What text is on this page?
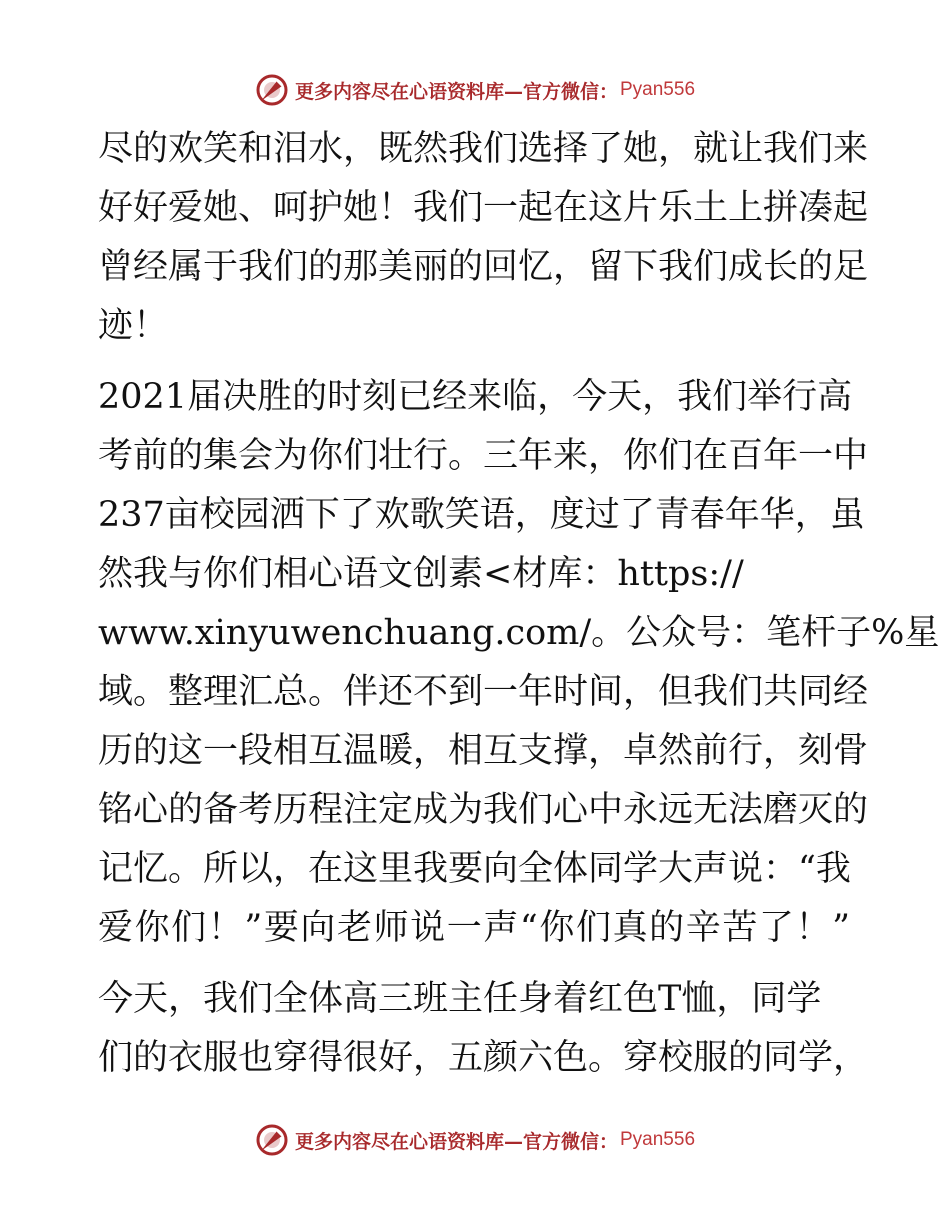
更多内容尽在心语资料库—官方微信： Pyan556

尽的欢笑和泪水，既然我们选择了她，就让我们来
好好爱她、呵护她！我们一起在这片乐土上拼凑起
曾经属于我们的那美丽的回忆，留下我们成长的足
迹！

2021届决胜的时刻已经来临，今天，我们举行高
考前的集会为你们壮行。三年来，你们在百年一中
237亩校园洒下了欢歌笑语，度过了青春年华，虽
然我与你们相心语文创素<材库：https://
www.xinyuwenchuang.com/。公众号：笔杆子%星
域。整理汇总。伴还不到一年时间，但我们共同经
历的这一段相互温暖，相互支撑，卓然前行，刻骨
铭心的备考历程注定成为我们心中永远无法磨灭的
记忆。所以，在这里我要向全体同学大声说：“我
爱你们！”要向老师说一声“你们真的辛苦了！”

今天，我们全体高三班主任身着红色T恤，同学
们的衣服也穿得很好，五颜六色。穿校服的同学，

更多内容尽在心语资料库—官方微信： Pyan556
